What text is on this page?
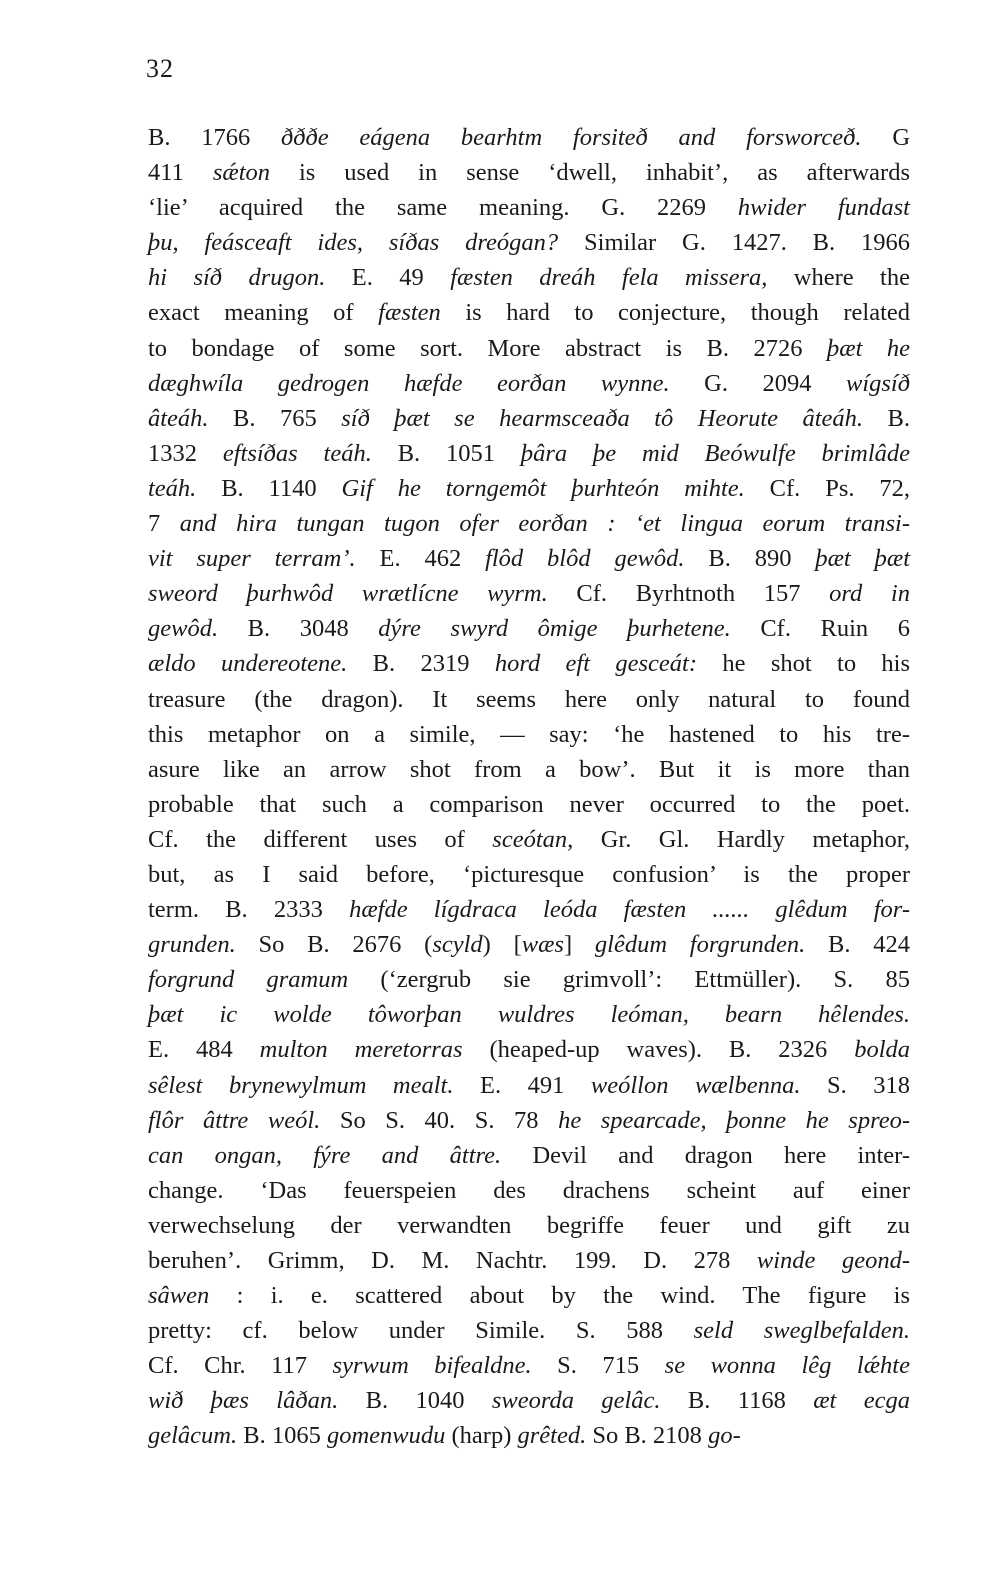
32
B. 1766 ðððe eágena bearhtm forsiteð and forsworceð. G
411 sǽton is used in sense ‘dwell, inhabit’, as afterwards
‘lie’ acquired the same meaning. G. 2269 hwider fundast
þu, feásceaft ides, síðas dreógan? Similar G. 1427. B. 1966
hi síð drugon. E. 49 fæsten dreáh fela missera, where the
exact meaning of fæsten is hard to conjecture, though related
to bondage of some sort. More abstract is B. 2726 þæt he
dæghwíla gedrogen hæfde eorðan wynne. G. 2094 wígsíð
âteáh. B. 765 síð þæt se hearmsceaða tô Heorute âteáh. B.
1332 eftsíðas teáh. B. 1051 þâra þe mid Beówulfe brimlâde
teáh. B. 1140 Gif he torngemôt þurhteón mihte. Cf. Ps. 72,
7 and hira tungan tugon ofer eorðan : ‘et lingua eorum transi-
vit super terram’. E. 462 flôd blôd gewôd. B. 890 þæt þæt
sweord þurhwôd wrætlícne wyrm. Cf. Byrhtnoth 157 ord in
gewôd. B. 3048 dýre swyrd ômige þurhetene. Cf. Ruin 6
ældo undereotene. B. 2319 hord eft gesceát: he shot to his
treasure (the dragon). It seems here only natural to found
this metaphor on a simile, — say: ‘he hastened to his tre-
asure like an arrow shot from a bow’. But it is more than
probable that such a comparison never occurred to the poet.
Cf. the different uses of sceótan, Gr. Gl. Hardly metaphor,
but, as I said before, ‘picturesque confusion’ is the proper
term. B. 2333 hæfde lígdraca leóda fæsten ...... glêdum for-
grunden. So B. 2676 (scyld) [wæs] glêdum forgrunden. B. 424
forgrund gramum (‘zergrub sie grimvoll’: Ettmüller). S. 85
þæt ic wolde tôworþan wuldres leóman, bearn hêlendes.
E. 484 multon meretorras (heaped-up waves). B. 2326 bolda
sêlest brynewylmum mealt. E. 491 weóllon wælbenna. S. 318
flôr âttre weól. So S. 40. S. 78 he spearcade, þonne he spreo-
can ongan, fýre and âttre. Devil and dragon here inter-
change. ‘Das feuerspeien des drachens scheint auf einer
verwechselung der verwandten begriffe feuer und gift zu
beruhen’. Grimm, D. M. Nachtr. 199. D. 278 winde geond-
sâwen : i. e. scattered about by the wind. The figure is
pretty: cf. below under Simile. S. 588 seld sweglbefalden.
Cf. Chr. 117 syrwum bifealdne. S. 715 se wonna lêg lǽhte
wið þæs lâðan. B. 1040 sweorda gelâc. B. 1168 æt ecga
gelâcum. B. 1065 gomenwudu (harp) grêted. So B. 2108 go-
